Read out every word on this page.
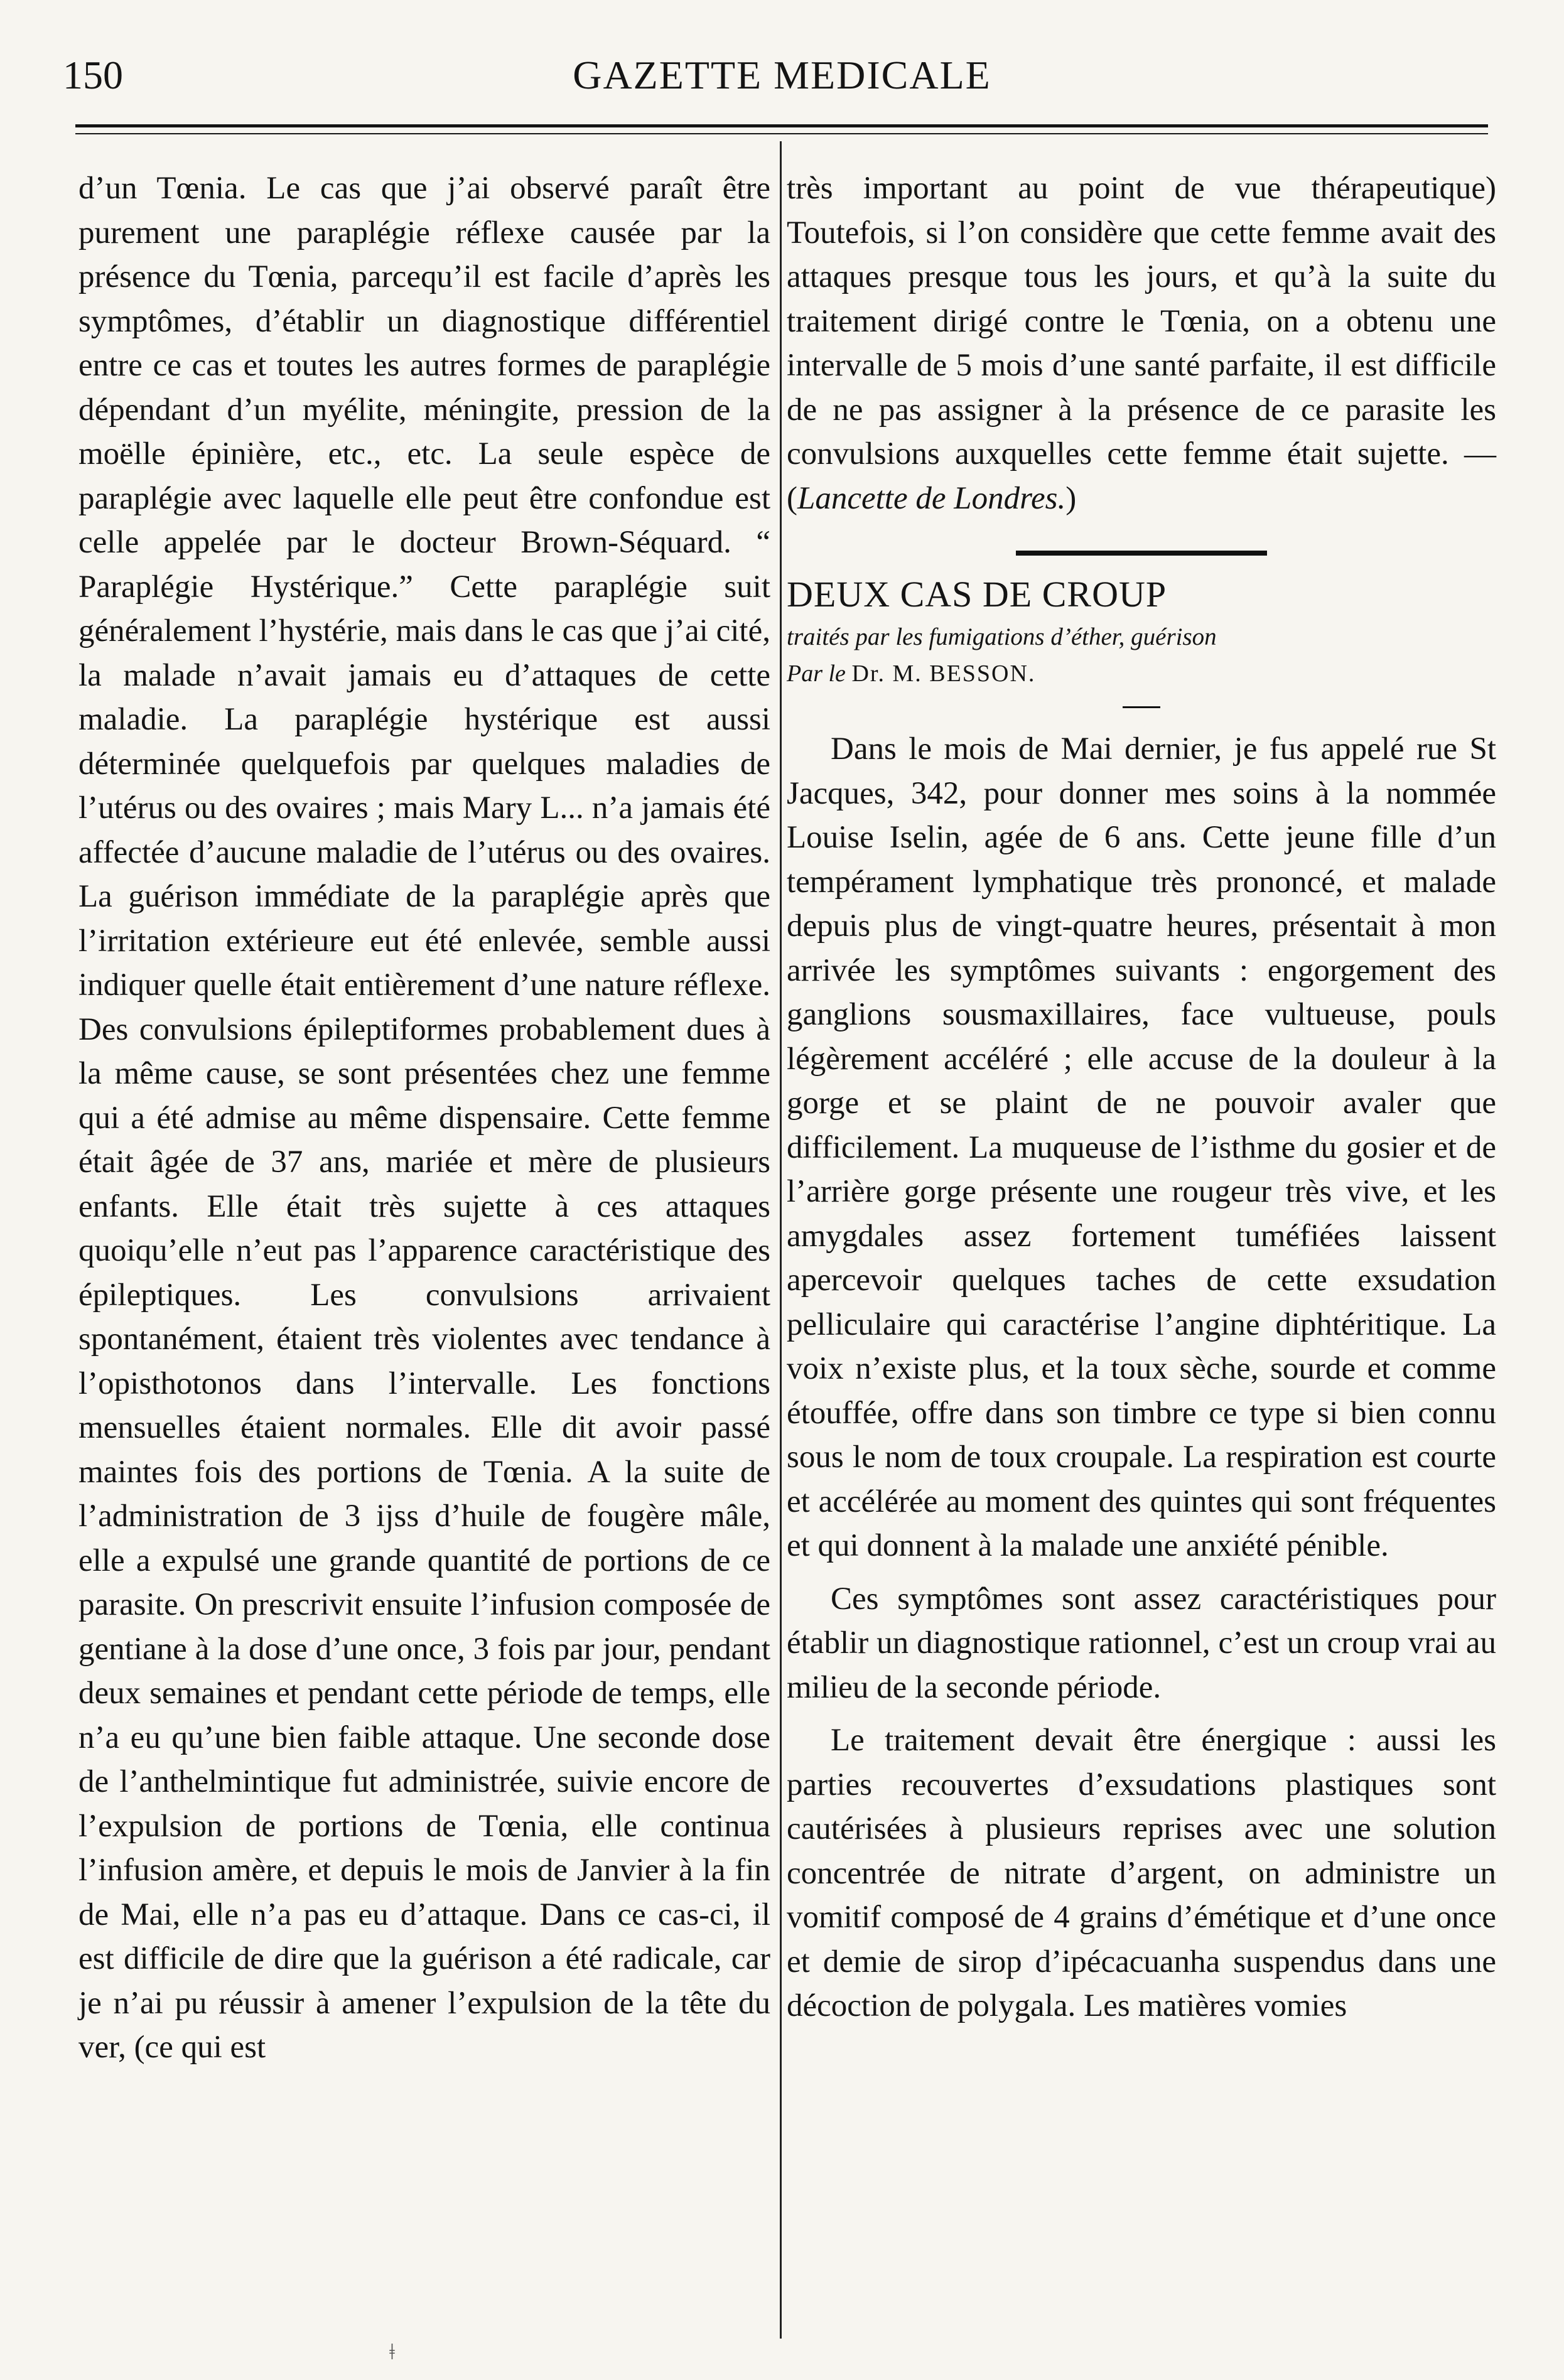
150	GAZETTE MEDICALE

d’un Tœnia. Le cas que j’ai observé paraît être purement une paraplégie réflexe causée par la présence du Tœnia, parcequ’il est facile d’après les symptômes, d’établir un diagnostique différentiel entre ce cas et toutes les autres formes de paraplégie dépendant d’un myélite, méningite, pression de la moëlle épinière, etc., etc. La seule espèce de paraplégie avec laquelle elle peut être confondue est celle appelée par le docteur Brown-Séquard. “ Paraplégie Hystérique.” Cette paraplégie suit généralement l’hystérie, mais dans le cas que j’ai cité, la malade n’avait jamais eu d’attaques de cette maladie. La paraplégie hystérique est aussi déterminée quelquefois par quelques maladies de l’utérus ou des ovaires ; mais Mary L... n’a jamais été affectée d’aucune maladie de l’utérus ou des ovaires. La guérison immédiate de la paraplégie après que l’irritation extérieure eut été enlevée, semble aussi indiquer quelle était entièrement d’une nature réflexe. Des convulsions épileptiformes probablement dues à la même cause, se sont présentées chez une femme qui a été admise au même dispensaire. Cette femme était âgée de 37 ans, mariée et mère de plusieurs enfants. Elle était très sujette à ces attaques quoiqu’elle n’eut pas l’apparence caractéristique des épileptiques. Les convulsions arrivaient spontanément, étaient très violentes avec tendance à l’opisthotonos dans l’intervalle. Les fonctions mensuelles étaient normales. Elle dit avoir passé maintes fois des portions de Tœnia. A la suite de l’administration de 3 ijss d’huile de fougère mâle, elle a expulsé une grande quantité de portions de ce parasite. On prescrivit ensuite l’infusion composée de gentiane à la dose d’une once, 3 fois par jour, pendant deux semaines et pendant cette période de temps, elle n’a eu qu’une bien faible attaque. Une seconde dose de l’anthelmintique fut administrée, suivie encore de l’expulsion de portions de Tœnia, elle continua l’infusion amère, et depuis le mois de Janvier à la fin de Mai, elle n’a pas eu d’attaque. Dans ce cas-ci, il est difficile de dire que la guérison a été radicale, car je n’ai pu réussir à amener l’expulsion de la tête du ver, (ce qui est

très important au point de vue thérapeutique) Toutefois, si l’on considère que cette femme avait des attaques presque tous les jours, et qu’à la suite du traitement dirigé contre le Tœnia, on a obtenu une intervalle de 5 mois d’une santé parfaite, il est difficile de ne pas assigner à la présence de ce parasite les convulsions auxquelles cette femme était sujette. — (Lancette de Londres.)

DEUX CAS DE CROUP

traités par les fumigations d’éther, guérison

Par le Dr. M. BESSON.

Dans le mois de Mai dernier, je fus appelé rue St Jacques, 342, pour donner mes soins à la nommée Louise Iselin, agée de 6 ans. Cette jeune fille d’un tempérament lymphatique très prononcé, et malade depuis plus de vingt-quatre heures, présentait à mon arrivée les symptômes suivants : engorgement des ganglions sousmaxillaires, face vultueuse, pouls légèrement accéléré ; elle accuse de la douleur à la gorge et se plaint de ne pouvoir avaler que difficilement. La muqueuse de l’isthme du gosier et de l’arrière gorge présente une rougeur très vive, et les amygdales assez fortement tuméfiées laissent apercevoir quelques taches de cette exsudation pelliculaire qui caractérise l’angine diphtéritique. La voix n’existe plus, et la toux sèche, sourde et comme étouffée, offre dans son timbre ce type si bien connu sous le nom de toux croupale. La respiration est courte et accélérée au moment des quintes qui sont fréquentes et qui donnent à la malade une anxiété pénible.

Ces symptômes sont assez caractéristiques pour établir un diagnostique rationnel, c’est un croup vrai au milieu de la seconde période.

Le traitement devait être énergique : aussi les parties recouvertes d’exsudations plastiques sont cautérisées à plusieurs reprises avec une solution concentrée de nitrate d’argent, on administre un vomitif composé de 4 grains d’émétique et d’une once et demie de sirop d’ipécacuanha suspendus dans une décoction de polygala. Les matières vomies

ǂ
